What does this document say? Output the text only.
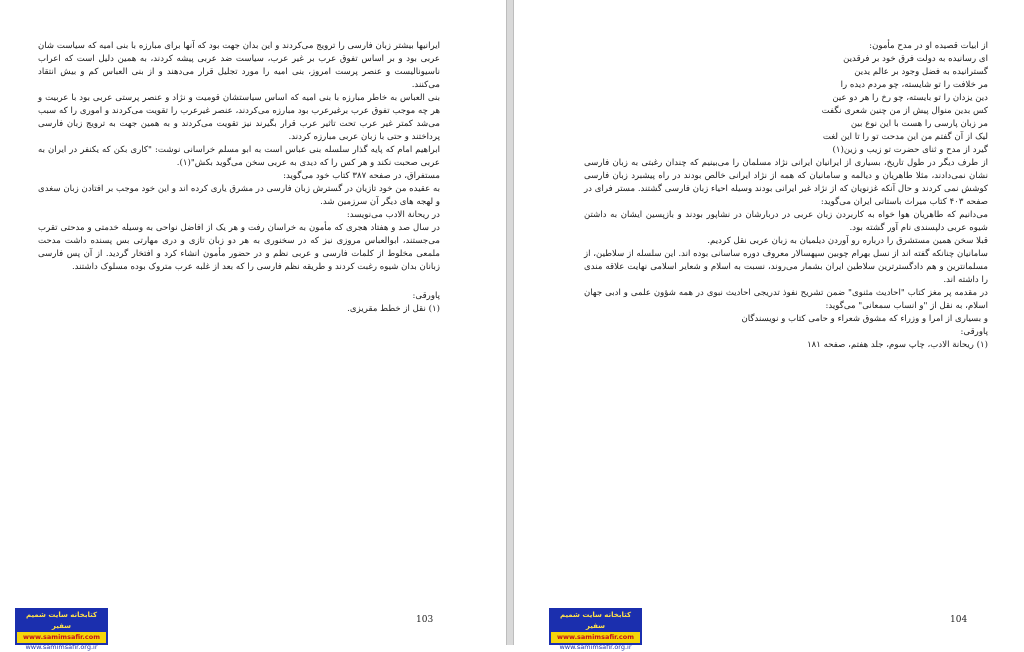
ایرانیها بیشتر زبان فارسی را ترویج می‌کردند و این بدان جهت بود که آنها برای مبارزه با بنی امیه که سیاست شان عربی بود و بر اساس تفوق عرب بر غیر عرب، سیاست ضد عربی پیشه کردند، به همین دلیل است که اعراب ناسیونالیست و عنصر پرست امروز، بنی امیه را مورد تجلیل قرار می‌دهند و از بنی العباس کم و بیش انتقاد می‌کنند.

بنی العباس به خاطر مبارزه با بنی امیه که اساس سیاستشان قومیت و نژاد و عنصر پرستی عربی بود با عربیت و هر چه موجب تفوق عرب برغیرعرب بود مبارزه می‌کردند، عنصر غیرعرب را تقویت می‌کردند و اموری را که سبب می‌شد کمتر غیر عرب تحت تاثیر عرب قرار بگیرند نیز تقویت می‌کردند و به همین جهت به ترویج زبان فارسی پرداختند و حتی با زبان عربی مبارزه کردند.

ابراهیم امام که پایه گذار سلسله بنی عباس است به ابو مسلم خراسانی نوشت: "کاری بکن که یکنفر در ایران به عربی صحبت نکند و هر کس را که دیدی به عربی سخن می‌گوید بکش"(۱).

مستفراق، در صفحه ۳۸۷ کتاب خود می‌گوید:

به عقیده من خود تازیان در گسترش زبان فارسی در مشرق یاری کرده اند و این خود موجب بر افتادن زبان سغدی و لهجه های دیگر آن سرزمین شد.

در ریحانة الادب می‌نویسد:

در سال صد و هفتاد هجری که مأمون به خراسان رفت و هر یک از افاضل نواحی به وسیله خدمتی و مدحتی تقرب می‌جستند، ابوالعباس مروزی نیز که در سخنوری به هر دو زبان تازی و دری مهارتی بس پسنده داشت مدحت ملمعی مخلوط از کلمات فارسی و عربی نظم و در حضور مأمون انشاء کرد و افتخار گردید. از آن پس فارسی زبانان بدان شیوه رغبت کردند و طریقه نظم فارسی را که بعد از غلبه عرب متروک بوده مسلوک داشتند.

پاورقی:

(۱) نقل از خطط مقریزی.

103
کتابخانه سایت شمیم سفیر
www.samimsafir.com
www.samimsafir.org.ir

از ابیات قصیده او در مدح مأمون:

ای رسانیده به دولت فرق خود بر فرقدین

گسترانیده به فضل وجود بر عالم یدین

مر خلافت را تو شایسته، چو مردم دیده را

دین یزدان را تو بایسته، چو رخ را هر دو عین

کس بدین منوال پیش از من چنین شعری نگفت

مر زبان پارسی را هست با این نوع بین

لیک از آن گفتم من این مدحت تو را تا این لغت

گیرد از مدح و ثنای حضرت تو زیب و زین(۱)

از طرف دیگر در طول تاریخ، بسیاری از ایرانیان ایرانی نژاد مسلمان را می‌بینیم که چندان رغبتی به زبان فارسی نشان نمی‌دادند، مثلا طاهریان و دیالمه و سامانیان که همه از نژاد ایرانی خالص بودند در راه پیشبرد زبان فارسی کوشش نمی کردند و حال آنکه غزنویان که از نژاد غیر ایرانی بودند وسیله احیاء زبان فارسی گشتند. مستر فرای در صفحه ۴۰۳ کتاب میراث باستانی ایران می‌گوید:

می‌دانیم که طاهریان هوا خواه به کاربردن زبان عربی در دربارشان در نشاپور بودند و بازپسین ایشان به داشتن شیوه عربی دلپسندی نام آور گشته بود.

قبلا سخن همین مستشرق را درباره رو آوردن دیلمیان به زبان عربی نقل کردیم.

سامانیان چنانکه گفته اند از نسل بهرام چوبین سپهسالار معروف دوره ساسانی بوده اند. این سلسله از سلاطین، از مسلمانترین و هم دادگسترترین سلاطین ایران بشمار می‌روند، نسبت به اسلام و شعایر اسلامی نهایت علاقه مندی را داشته اند.

در مقدمه پر مغز کتاب "احادیث مثنوی" ضمن تشریح نفوذ تدریجی احادیث نبوی در همه شؤون علمی و ادبی جهان اسلام، به نقل از "و انساب سمعانی" می‌گوید:

و بسیاری از امرا و وزراء که مشوق شعراء و حامی کتاب و نویسندگان

پاورقی:

(۱) ریحانة الادب، چاپ سوم، جلد هفتم، صفحه ۱۸۱

104
کتابخانه سایت شمیم سفیر
www.samimsafir.com
www.samimsafir.org.ir
